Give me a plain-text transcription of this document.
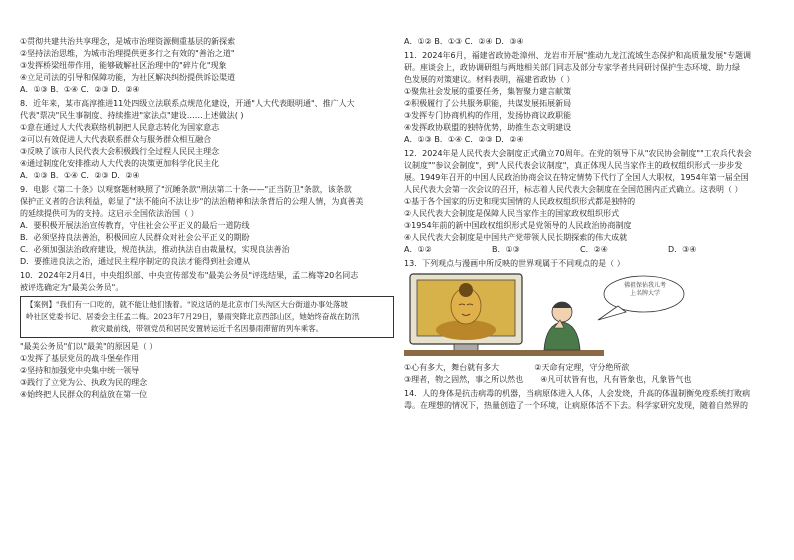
①贯彻共建共治共享理念，是城市治理资源侧重基层的新探索
②坚持法治思维，为城市治理提供更多行之有效的"善治之道"
③发挥桥梁纽带作用，能够破解社区治理中的"碎片化"现象
④立足司法的引导和保障功能，为社区解决纠纷提供诉讼渠道
A．①③ B．①④ C．②③ D．②④
8．近年来，某市高淳推进11处四级立法联系点规范化建设，开通"人大代表眼明通"、推广人大
代表"票决"民生事制度、持续推进"家法点"建设……上述做法( )
①意在通过人大代表联络机制把人民意志转化为国家意志
②可以有效促进人大代表联系群众与服务群众相互融合
③反映了该市人民代表大会积极践行全过程人民民主理念
④通过制度化安排推动人大代表的决策更加科学化民主化
A．①③ B．①④ C．②③ D．②④
9．电影《第二十条》以观察题材映照了"沉睡条款"刑法第二十条——"正当防卫"条款，该条款
保护正义者的合法利益，彰显了"法不能向不法让步"的法治精神和法条背后的公理人情，为真善美
的延续提供可为的支持。这启示全国依法治国（ ）
A．要积极开展法治宣传教育，守住社会公平正义的最后一道防线
B．必须坚持良法善治，积极回应人民群众对社会公平正义的期盼
C．必须加强法治政府建设，规范执法，推动执法自由裁量权，实现良法善治
D．要推进良法之治，通过民主程序制定的良法才能得到社会遵从
10．2024年2月4日，中央组织部、中央宣传部发布"最美公务员"评选结果，孟二梅等20名同志
被评选确定为"最美公务员"。
【案例】"我们有一口吃的，就不能让他们饿着。"说这话的是北京市门头沟区大台街道办事处落坡
岭社区党委书记、居委会主任孟二梅。2023年7月29日，暴雨突降北京西部山区，她始终奋战在防汛
救灾最前线，带领党员和居民安置转运近千名因暴雨滞留的列车乘客。
"最美公务员"们以"最美"的原因是（ ）
①发挥了基层党员的战斗堡垒作用
②坚持和加强党中央集中统一领导
③践行了立党为公、执政为民的理念
④始终把人民群众的利益放在第一位
A．①② B．①③ C．②④ D．③④
11．2024年6月，福建省政协赴漳州、龙岩市开展"推动九龙江流域生态保护和高质量发展"专题调
研。座谈会上，政协调研组与两地相关部门同志及部分专家学者共同研讨保护生态环境、助力绿
色发展的对策建议。材料表明，福建省政协（ ）
①聚焦社会发展的重要任务，集智聚力建言献策
②积极履行了公共服务职能，共谋发展拓展新局
③发挥专门协商机构的作用，发扬协商议政职能
④发挥政协联盟的独特优势，助推生态文明建设
A．①③ B．①④ C．②③ D．②④
12．2024年是人民代表大会制度正式确立70周年。在党的领导下从"农民协会制度""工农兵代表会
议制度""参议会制度"，到"人民代表会议制度"，真正体现人民当家作主的政权组织形式一步步发
展。1949年召开的中国人民政治协商会议在特定情势下代行了全国人大职权，1954年第一届全国
人民代表大会第一次会议的召开，标志着人民代表大会制度在全国范围内正式确立。这表明（ ）
①基于各个国家的历史和现实国情的人民政权组织形式都是独特的
②人民代表大会制度是保障人民当家作主的国家政权组织形式
③1954年前的新中国政权组织形式是党领导的人民政治协商制度
④人民代表大会制度是中国共产党带领人民长期探索的伟大成就
A．①②	B．①③	C．②④	D．③④
13．下列观点与漫画中所反映的世界观属于不同观点的是（ ）
佛祖保佑我儿考上名牌大学
①心有多大，舞台就有多大	②天命有定理，守分绝所欲
③理者，物之固然，事之所以然也 ④凡可状皆有也，凡有皆象也，凡象皆气也
14．人的身体是抗击病毒的机器，当病原体进入人体，人会发烧，升高的体温制衡免疫系统打败病
毒。在理想的情况下，热量创造了一个环境，让病原体活不下去。科学家研究发现，随着自然界的
